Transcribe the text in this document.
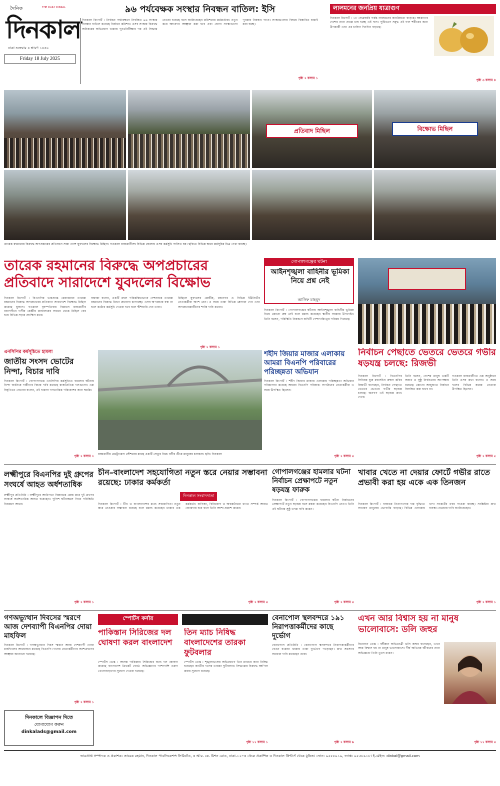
দৈনিক
দিনকাল
THE DAILY DINKAL
ঢাকা শুক্রবার ৪ শ্রাবণ ১৪৩২
Friday 18 July 2025
৯৬ পর্যবেক্ষক সংস্থার নিবন্ধন বাতিল: ইসি
দিনকাল রিপোর্ট : নির্বাচন পর্যবেক্ষণে নিবন্ধিত ৯৬ সংস্থার নিবন্ধন বাতিল করেছে নির্বাচন কমিশন। এসব সংস্থার বিরুদ্ধে অনিয়মের অভিযোগ থাকায় পুনঃনিরীক্ষার পর এই সিদ্ধান্ত নেওয়া হয়েছে বলে জানিয়েছেন কমিশনের কর্মকর্তারা। নতুন করে আবেদন আহ্বান করা হবে এবং যোগ্য সংস্থাগুলো পুনরায় নিবন্ধন পাবে। সংস্থাগুলোর বিষয়ে বিস্তারিত যাচাই করা হচ্ছে।
পৃষ্ঠা ২ কলাম ১
লালমনের জনপ্রিয় যাত্রাগুণ
দিনকাল রিপোর্ট : ১৮ ফেব্রুয়ারি পর্যন্ত লালমনের জনপ্রিয়তা বাড়ছে। আমাদের দেশের নানা প্রান্তে চাষ হচ্ছে এই ফল। পুষ্টিগুণে সমৃদ্ধ এই ফল শরীরের জন্য উপকারী এবং এর চাহিদা দিনদিন বাড়ছে।
পৃষ্ঠা ৩ কলাম ৪
প্রতিবাদ মিছিল	বিক্ষোভ মিছিল
তারেক রহমানের বিরুদ্ধে অপপ্রচারের প্রতিবাদে সারা দেশে যুবদলের বিক্ষোভ মিছিল। গতকাল রাজধানীসহ বিভিন্ন জেলায় এসব কর্মসূচি পালিত হয়। ছবিতে বিভিন্ন স্থানে কর্মসূচির চিত্র দেখা যাচ্ছে।
তারেক রহমানের বিরুদ্ধে অপপ্রচারের প্রতিবাদে সারাদেশে যুবদলের বিক্ষোভ
দিনকাল রিপোর্ট : বিএনপির ভারপ্রাপ্ত চেয়ারম্যান তারেক রহমানের বিরুদ্ধে অপপ্রচারের প্রতিবাদে সারাদেশে বিক্ষোভ মিছিল করেছে যুবদল। গতকাল বৃহস্পতিবার বিকালে রাজধানীর নয়াপল্টনে দলীয় কেন্দ্রীয় কার্যালয়ের সামনে থেকে মিছিল বের হয়ে বিভিন্ন সড়ক প্রদক্ষিণ করে।
বক্তারা বলেন, একটি মহল পরিকল্পিতভাবে দেশনায়ক তারেক রহমানের বিরুদ্ধে মিথ্যা প্রচারণা চালাচ্ছে। এসব অপপ্রচার বন্ধ না হলে কঠোর কর্মসূচি দেওয়া হবে বলে হুঁশিয়ারি দেন তারা।
মিছিলে যুবদলের কেন্দ্রীয়, মহানগর ও বিভিন্ন ইউনিটের নেতাকর্মীরা অংশ নেন। এ সময় তারা বিভিন্ন শ্লোগান দেন এবং অপপ্রচারকারীদের শাস্তি দাবি করেন।
পৃষ্ঠা ২ কলাম ১
গোপালগঞ্জের ঘটনা
আইনশৃঙ্খলা বাহিনীর ভূমিকা নিয়ে প্রশ্ন নেই
আসিফ মাহমুদ
দিনকাল রিপোর্ট : গোপালগঞ্জের ঘটনায় আইনশৃঙ্খলা বাহিনীর ভূমিকা নিয়ে কোনো প্রশ্ন নেই বলে মন্তব্য করেছেন স্থানীয় সরকার উপদেষ্টা। তিনি বলেন, পরিস্থিতি নিয়ন্ত্রণে বাহিনী পেশাদারিত্বের পরিচয় দিয়েছে।
এনসিপির কর্মসূচিতে হামলা
জাতীয় সংসদ ভোটের নিন্দা, বিচার দাবি
দিনকাল রিপোর্ট : গোপালগঞ্জে এনসিপির কর্মসূচিতে হামলার ঘটনায় নিন্দা জানিয়ে দায়ীদের বিচার দাবি করেছে রাজনৈতিক দলগুলো। এক বিবৃতিতে নেতারা বলেন, এই হামলা গণতান্ত্রিক পরিবেশের জন্য হুমকি।
পৃষ্ঠা ২ কলাম ২ রাজধানীর মেট্রোরেল স্টেশনের কাছে একটি সেতুর নিচে নদীর তীরে মানুষের চলাচল। ছবি: দিনকাল
শহীদ জিয়ার মাজার এলাকায় আমরা বিএনপি পরিবারের পরিচ্ছন্নতা অভিযান
দিনকাল রিপোর্ট : শহীদ জিয়ার মাজার এলাকায় পরিচ্ছন্নতা অভিযান পরিচালনা করেছে আমরা বিএনপি পরিবার। সংগঠনের নেতাকর্মীরা এ সময় উপস্থিত ছিলেন।
পৃষ্ঠা ২ কলাম ৩
নির্বাচন পেছাতে ভেতরে ভেতরে গভীর ষড়যন্ত্র চলছে: রিজভী
দিনকাল রিপোর্ট : বিএনপির সিনিয়র যুগ্ম মহাসচিব রুহুল কবির রিজভী বলেছেন, নির্বাচন পেছাতে ভেতরে ভেতরে গভীর ষড়যন্ত্র চলছে। জনগণ এই ষড়যন্ত্র রুখে দেবে।
তিনি বলেন, দেশের মানুষ একটি অবাধ ও সুষ্ঠু নির্বাচনের অপেক্ষায় রয়েছে। কোনো অজুহাতে নির্বাচন বিলম্বিত করা যাবে না।
গতকাল রাজধানীতে এক অনুষ্ঠানে তিনি এসব কথা বলেন। এ সময় দলের বিভিন্ন স্তরের নেতারা উপস্থিত ছিলেন।
পৃষ্ঠা ২ কলাম ৫
লক্ষ্মীপুরে বিএনপির দুই গ্রুপের সংঘর্ষে আহত অর্ধশতাধিক
লক্ষ্মীপুর প্রতিনিধি : লক্ষ্মীপুরে আধিপত্য বিস্তারকে কেন্দ্র করে দুই গ্রুপের সংঘর্ষে অর্ধশতাধিক আহত হয়েছেন। পুলিশ ঘটনাস্থলে গিয়ে পরিস্থিতি নিয়ন্ত্রণে আনে।
পৃষ্ঠা ২ কলাম ১
চীন–বাংলাদেশ সহযোগিতা নতুন স্তরে নেয়ার সম্ভাবনা রয়েছে: ঢাকার কর্মকর্তা
দিনকাল সংবাদদাতা
দিনকাল রিপোর্ট : চীন ও বাংলাদেশের মধ্যে সহযোগিতা নতুন স্তরে নেওয়ার সম্ভাবনা রয়েছে বলে মন্তব্য করেছেন ঢাকার এক কর্মকর্তা। বাণিজ্য, বিনিয়োগ ও অবকাঠামো খাতে সম্পর্ক আরও জোরদার হবে বলে তিনি আশা প্রকাশ করেন।
পৃষ্ঠা ২ কলাম ৩
গোপালগঞ্জের হামলার ঘটনা নির্বাচন প্রেক্ষাপটে নতুন ষড়যন্ত্র ফারুক
দিনকাল রিপোর্ট : গোপালগঞ্জের হামলার ঘটনা নির্বাচনের প্রেক্ষাপটে নতুন ষড়যন্ত্র বলে মন্তব্য করেছেন বিএনপি নেতা। তিনি এই ঘটনার সুষ্ঠু তদন্ত দাবি করেন।
পৃষ্ঠা ২ কলাম ৩
খাবার খেতে না দেয়ার ফোর্টে গভীর রাতে প্রভাবী করা হয় একে এক তিনজন
দিনকাল রিপোর্ট : বাজারে নিত্যপণ্যের দাম বৃদ্ধিতে সাধারণ মানুষের ভোগান্তি বাড়ছে। বিভিন্ন এলাকায় খাদ্য সংকটের খবর পাওয়া যাচ্ছে। সংশ্লিষ্টরা দ্রুত ব্যবস্থা নেওয়ার দাবি জানিয়েছেন।
পৃষ্ঠা ২ কলাম ১
গণঅভ্যুত্থান দিবসের স্মরণে আজ দেশব্যাপী বিএনপির দোয়া মাহফিল
দিনকাল রিপোর্ট : গণঅভ্যুত্থান দিবস স্মরণে আজ দেশব্যাপী দোয়া মাহফিলের আয়োজন করেছে বিএনপি। দলের নেতাকর্মীদের অংশগ্রহণের আহ্বান জানানো হয়েছে।
পৃষ্ঠা ২ কলাম ১
দিনকালে বিজ্ঞাপন দিতে
যোগাযোগ করুন
dinkalads@gmail.com
স্পোর্টস কর্নার
পাকিস্তান সিরিজের দল ঘোষণা করল বাংলাদেশ
স্পোর্টস ডেস্ক : আসন্ন পাকিস্তান সিরিজের জন্য দল ঘোষণা করেছে বাংলাদেশ ক্রিকেট বোর্ড। অভিজ্ঞদের পাশাপাশি তরুণ খেলোয়াড়দের সুযোগ দেওয়া হয়েছে।
তিন ম্যাচ নিষিদ্ধ বাংলাদেশের তারকা ফুটবলার
স্পোর্টস ডেস্ক : শৃঙ্খলাভঙ্গের অভিযোগে তিন ম্যাচের জন্য নিষিদ্ধ হয়েছেন জাতীয় দলের তারকা ফুটবলার। সিদ্ধান্তের বিরুদ্ধে আপিল করার সুযোগ রয়েছে।
পৃষ্ঠা ১১ কলাম ১
বেনাপোল স্থলবন্দরে ১৯১ নিরাপত্তাকর্মীদের কাছে দুর্ভোগ
বেনাপোল প্রতিনিধি : বেনাপোল স্থলবন্দরে নিরাপত্তাকর্মীদের বেতন বকেয়া থাকায় তারা দুর্ভোগে পড়েছেন। দ্রুত সমস্যার সমাধান দাবি করেছেন তারা।
পৃষ্ঠা ২ কলাম ৬
এখন আর বিশ্বাস হয় না মানুষ ভালোবাসে: ডলি জহুর
বিনোদন ডেস্ক : বর্ষীয়ান অভিনেত্রী ডলি জহুর বলেছেন, এখন আর বিশ্বাস হয় না মানুষ ভালোবাসে। দীর্ঘ অভিনয় জীবনের নানা অভিজ্ঞতা তিনি তুলে ধরেন।
পৃষ্ঠা ১১ কলাম ৩
ভারপ্রাপ্ত সম্পাদক ও প্রকাশক: তারেক রহমান, দিনকাল পাবলিকেশন্স লিমিটেড, ৩ আর. কে. মিশন রোড, ঢাকা-১২০৩ থেকে প্রকাশিত ও দিনকাল প্রিন্টার্স থেকে মুদ্রিত। ফোন: ৯৫৫৮৯১৯, ফ্যাক্স: ৯৫৫৮৯১৮। ই-মেইল: dinkal@gmail.com
